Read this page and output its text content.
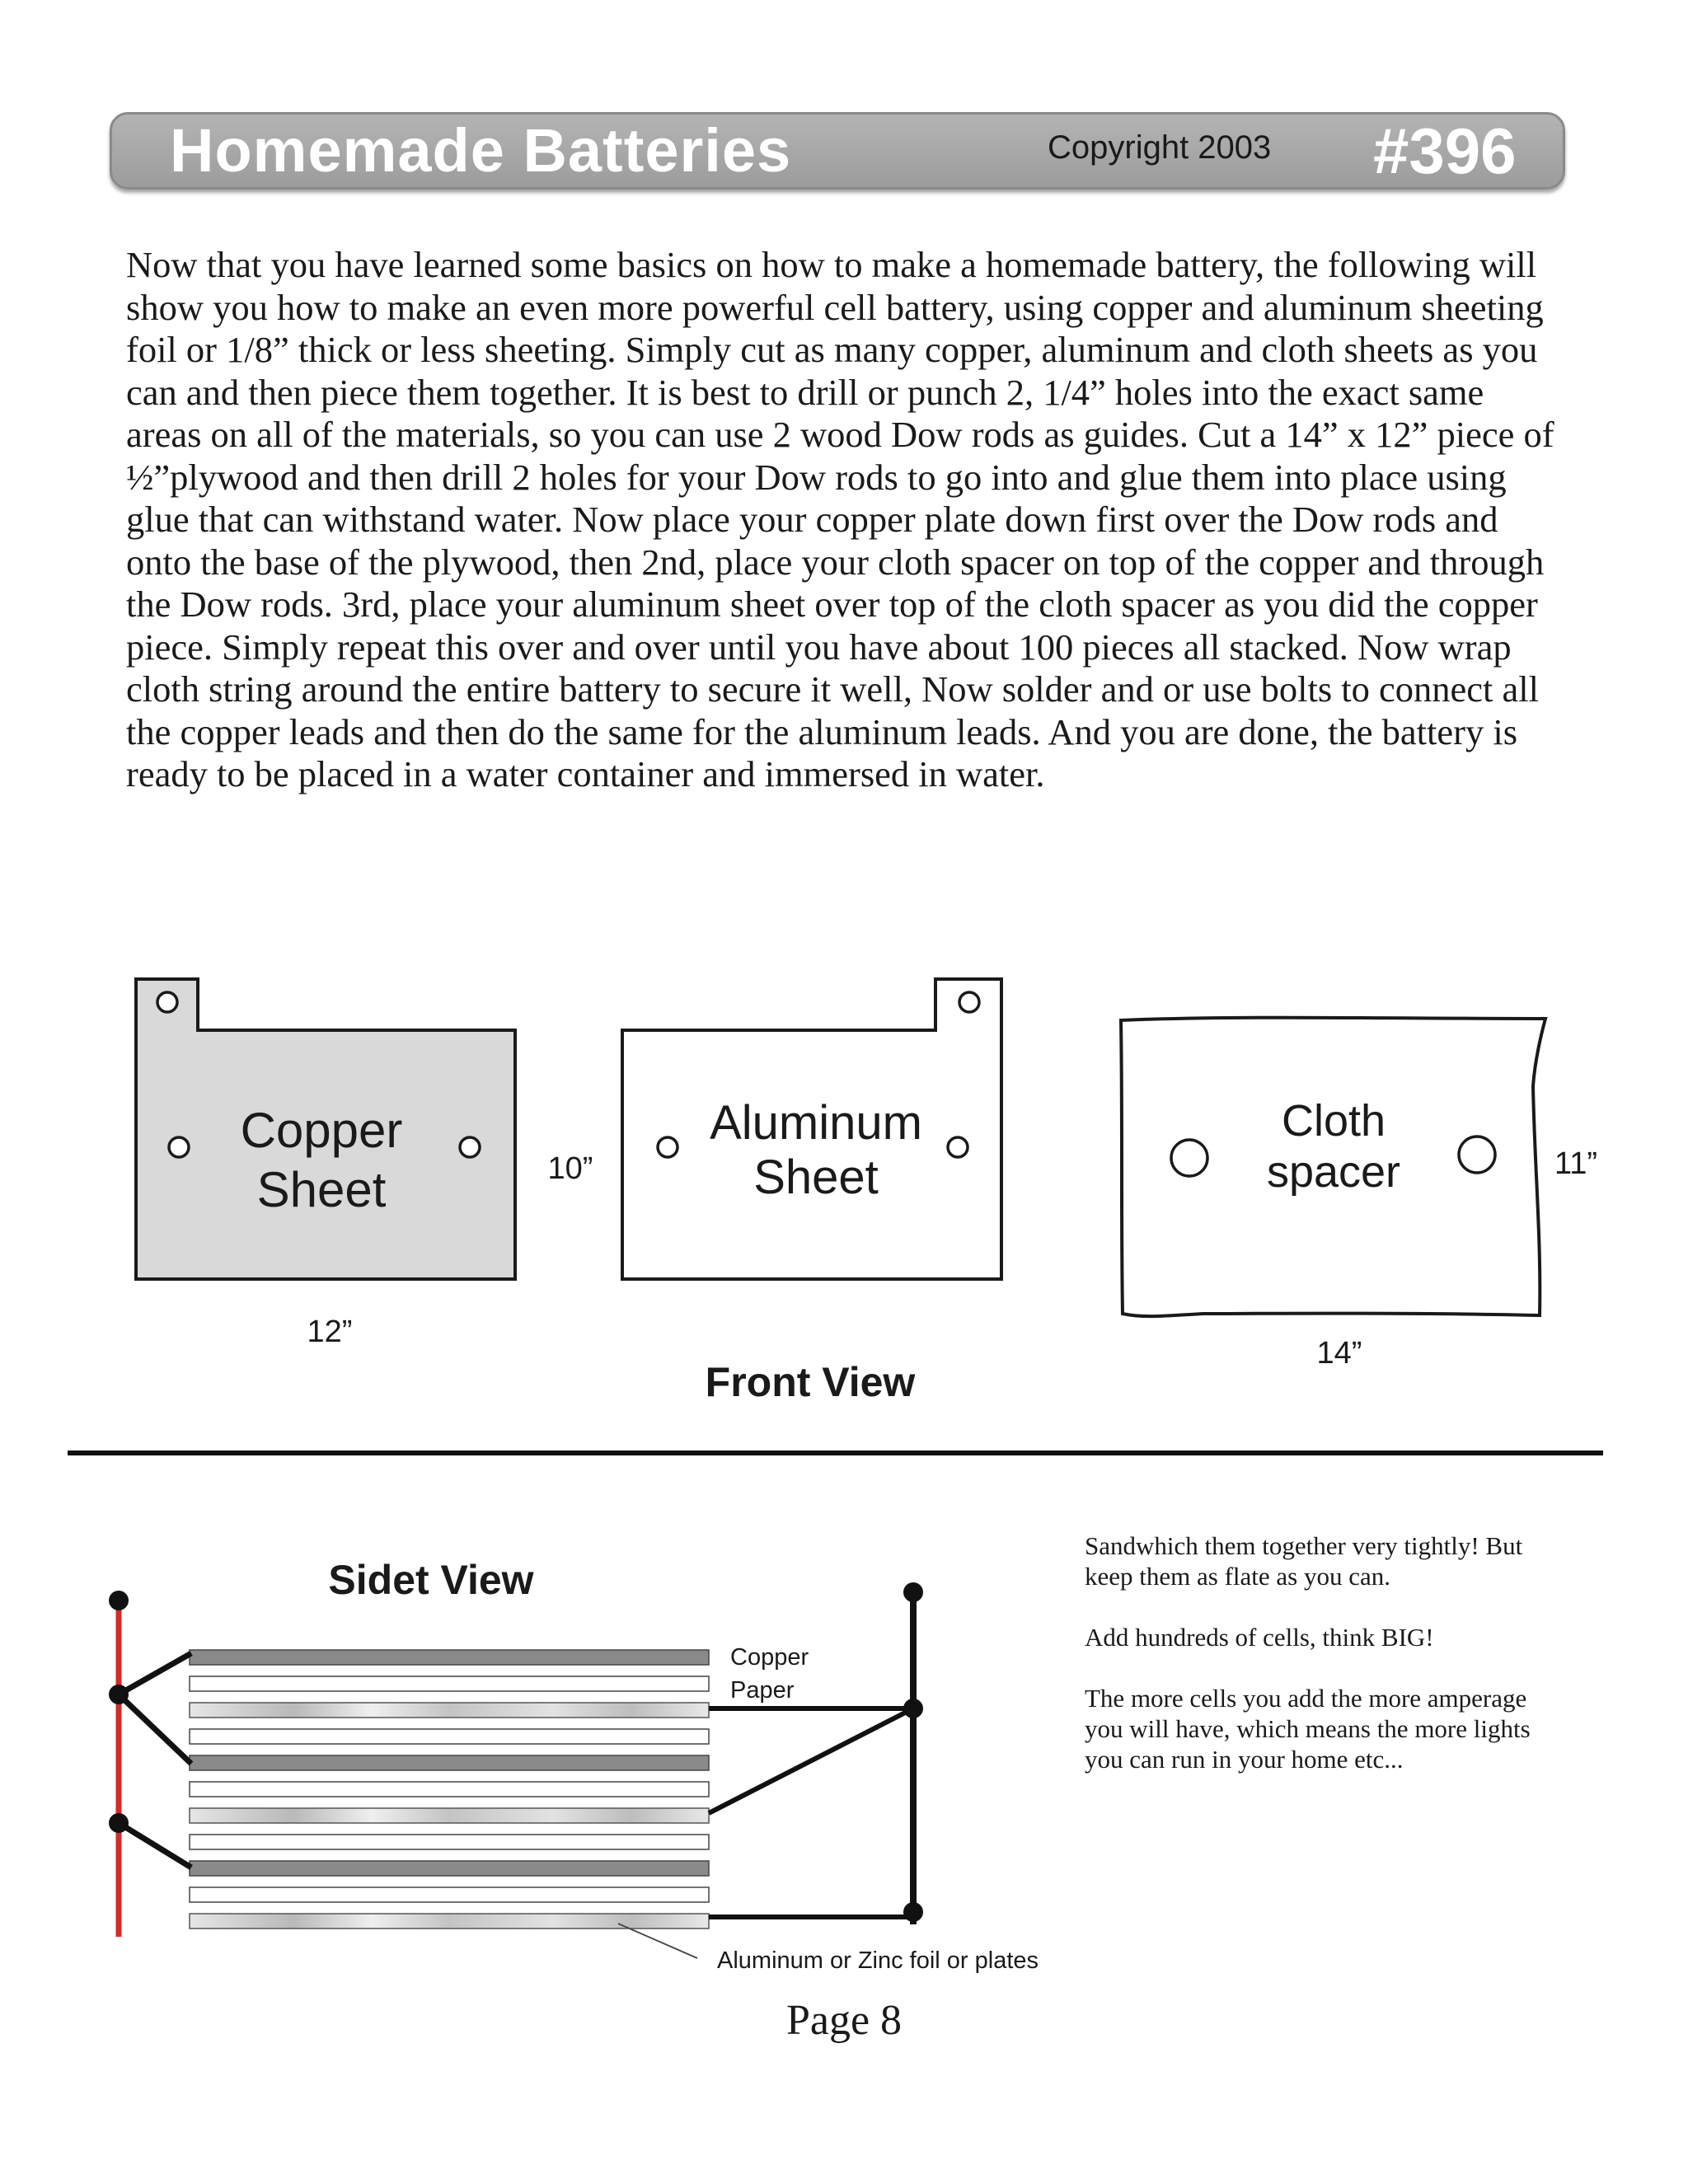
Homemade Batteries	Copyright 2003 #396

Now that you have learned some basics on how to make a homemade battery, the following will show you how to make an even more powerful cell battery, using copper and aluminum sheeting foil or 1/8” thick or less sheeting. Simply cut as many copper, aluminum and cloth sheets as you can and then piece them together. It is best to drill or punch 2, 1/4” holes into the exact same areas on all of the materials, so you can use 2 wood Dow rods as guides. Cut a 14” x 12” piece of ½”plywood and then drill 2 holes for your Dow rods to go into and glue them into place using glue that can withstand water. Now place your copper plate down first over the Dow rods and onto the base of the plywood, then 2nd, place your cloth spacer on top of the copper and through the Dow rods. 3rd, place your aluminum sheet over top of the cloth spacer as you did the copper piece. Simply repeat this over and over until you have about 100 pieces all stacked. Now wrap cloth string around the entire battery to secure it well, Now solder and or use bolts to connect all the copper leads and then do the same for the aluminum leads. And you are done, the battery is ready to be placed in a water container and immersed in water.

Copper
Sheet
12”
Aluminum
Sheet
10”
Cloth
spacer	11”
14”
Front View
Sidet View
Copper
Paper
Aluminum or Zinc foil or plates

Sandwhich them together very tightly! But keep them as flate as you can.

Add hundreds of cells, think BIG!

The more cells you add the more amperage you will have, which means the more lights you can run in your home etc...

Page 8
